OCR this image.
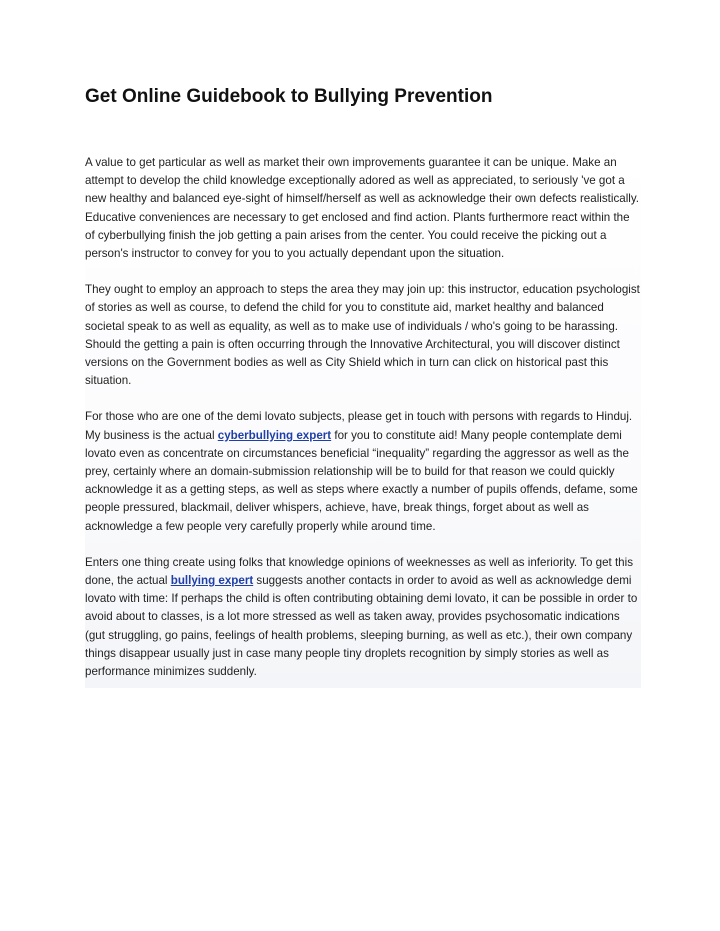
Get Online Guidebook to Bullying Prevention

A value to get particular as well as market their own improvements guarantee it can be unique. Make an attempt to develop the child knowledge exceptionally adored as well as appreciated, to seriously 've got a new healthy and balanced eye-sight of himself/herself as well as acknowledge their own defects realistically. Educative conveniences are necessary to get enclosed and find action. Plants furthermore react within the of cyberbullying finish the job getting a pain arises from the center. You could receive the picking out a person's instructor to convey for you to you actually dependant upon the situation.

They ought to employ an approach to steps the area they may join up: this instructor, education psychologist of stories as well as course, to defend the child for you to constitute aid, market healthy and balanced societal speak to as well as equality, as well as to make use of individuals / who's going to be harassing. Should the getting a pain is often occurring through the Innovative Architectural, you will discover distinct versions on the Government bodies as well as City Shield which in turn can click on historical past this situation.

For those who are one of the demi lovato subjects, please get in touch with persons with regards to Hinduj. My business is the actual cyberbullying expert for you to constitute aid! Many people contemplate demi lovato even as concentrate on circumstances beneficial “inequality” regarding the aggressor as well as the prey, certainly where an domain-submission relationship will be to build for that reason we could quickly acknowledge it as a getting steps, as well as steps where exactly a number of pupils offends, defame, some people pressured, blackmail, deliver whispers, achieve, have, break things, forget about as well as acknowledge a few people very carefully properly while around time.

Enters one thing create using folks that knowledge opinions of weeknesses as well as inferiority. To get this done, the actual bullying expert suggests another contacts in order to avoid as well as acknowledge demi lovato with time: If perhaps the child is often contributing obtaining demi lovato, it can be possible in order to avoid about to classes, is a lot more stressed as well as taken away, provides psychosomatic indications (gut struggling, go pains, feelings of health problems, sleeping burning, as well as etc.), their own company things disappear usually just in case many people tiny droplets recognition by simply stories as well as performance minimizes suddenly.
